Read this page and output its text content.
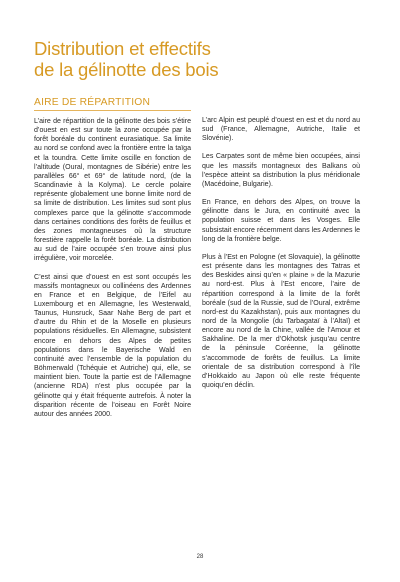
Distribution et effectifs
de la gélinotte des bois
AIRE DE RÉPARTITION

L’aire de répartition de la gélinotte des bois s’étire d’ouest en est sur toute la zone occupée par la forêt boréale du continent eurasiatique. Sa limite au nord se confond avec la frontière entre la taïga et la toundra. Cette limite oscille en fonction de l’altitude (Oural, montagnes de Sibérie) entre les parallèles 66° et 69° de latitude nord, (de la Scandinavie à la Kolyma). Le cercle polaire représente globalement une bonne limite nord de sa limite de distribution. Les limites sud sont plus complexes parce que la gélinotte s’accommode dans certaines conditions des forêts de feuillus et des zones montagneuses où la structure forestière rappelle la forêt boréale. La distribution au sud de l’aire occupée s’en trouve ainsi plus irrégulière, voir morcelée.

C’est ainsi que d’ouest en est sont occupés les massifs montagneux ou collinéens des Ardennes en France et en Belgique, de l’Eifel au Luxembourg et en Allemagne, les Westerwald, Taunus, Hunsruck, Saar Nahe Berg de part et d’autre du Rhin et de la Moselle en plusieurs populations résiduelles. En Allemagne, subsistent encore en dehors des Alpes de petites populations dans le Bayerische Wald en continuité avec l’ensemble de la population du Böhmerwald (Tchéquie et Autriche) qui, elle, se maintient bien. Toute la partie est de l’Allemagne (ancienne RDA) n’est plus occupée par la gélinotte qui y était fréquente autrefois. À noter la disparition récente de l’oiseau en Forêt Noire autour des années 2000.

L’arc Alpin est peuplé d’ouest en est et du nord au sud (France, Allemagne, Autriche, Italie et Slovénie).

Les Carpates sont de même bien occupées, ainsi que les massifs montagneux des Balkans où l’espèce atteint sa distribution la plus méridionale (Macédoine, Bulgarie).

En France, en dehors des Alpes, on trouve la gélinotte dans le Jura, en continuité avec la population suisse et dans les Vosges. Elle subsistait encore récemment dans les Ardennes le long de la frontière belge.

Plus à l’Est en Pologne (et Slovaquie), la gélinotte est présente dans les montagnes des Tatras et des Beskides ainsi qu’en « plaine » de la Mazurie au nord-est. Plus à l’Est encore, l’aire de répartition correspond à la limite de la forêt boréale (sud de la Russie, sud de l’Oural, extrême nord-est du Kazakhstan), puis aux montagnes du nord de la Mongolie (du Tarbagataï à l’Altaï) et encore au nord de la Chine, vallée de l’Amour et Sakhaline. De la mer d’Okhotsk jusqu’au centre de la péninsule Coréenne, la gélinotte s’accommode de forêts de feuillus. La limite orientale de sa distribution correspond à l’île d’Hokkaido au Japon où elle reste fréquente quoiqu’en déclin.

28
